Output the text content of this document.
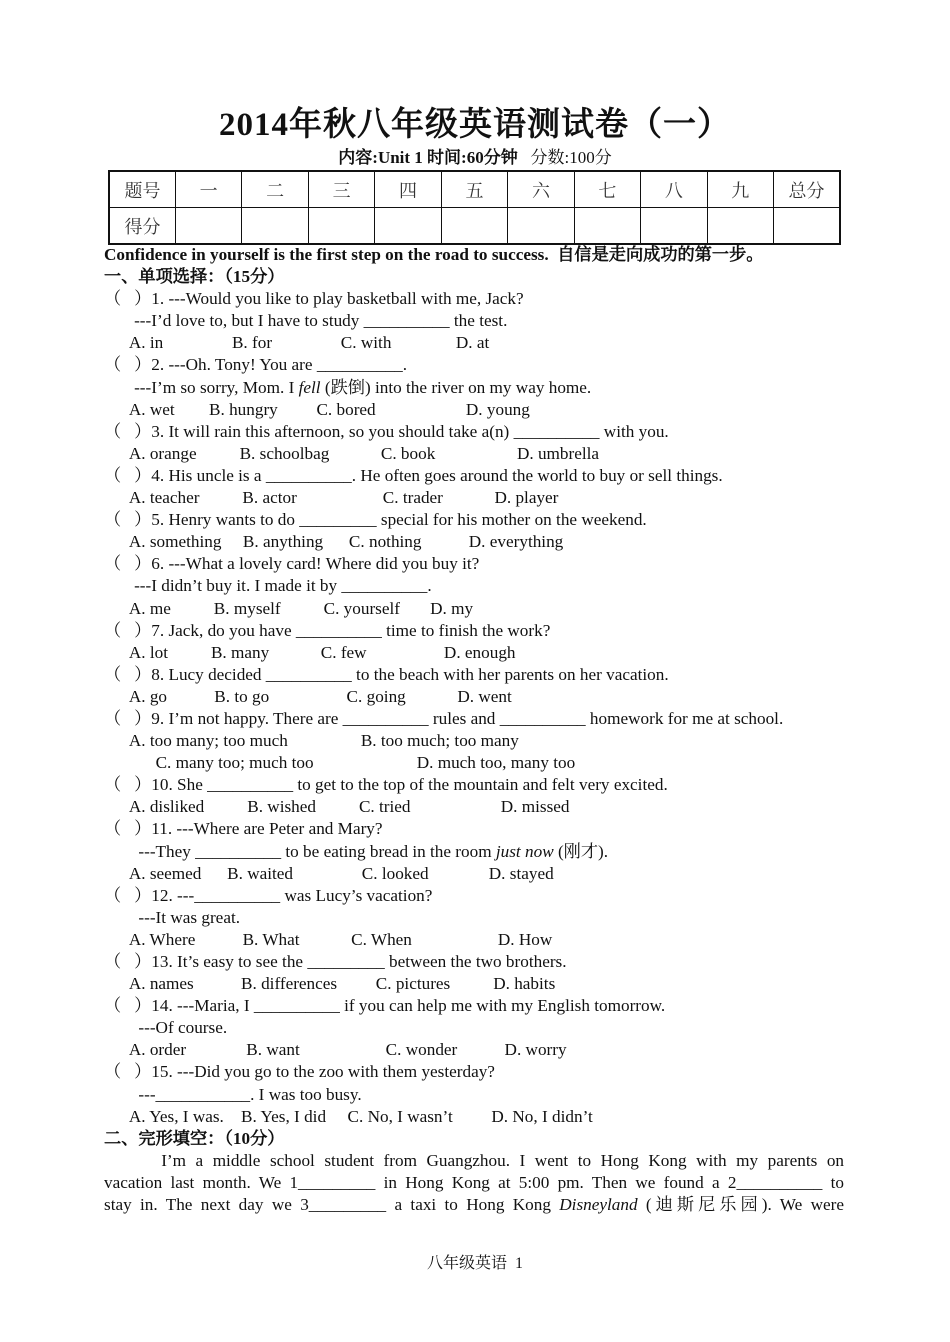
2014年秋八年级英语测试卷（一）
内容:Unit 1 时间:60分钟   分数:100分
题号	一	二	三	四	五	六	七	八	九	总分
得分										
Confidence in yourself is the first step on the road to success.  自信是走向成功的第一步。
一、单项选择：（15分）
（   ）1. ---Would you like to play basketball with me, Jack?
---I’d love to, but I have to study __________ the test.
A. in                B. for                C. with               D. at
（   ）2. ---Oh. Tony! You are __________.
---I’m so sorry, Mom. I fell (跌倒) into the river on my way home.
A. wet        B. hungry         C. bored                     D. young
（   ）3. It will rain this afternoon, so you should take a(n) __________ with you.
A. orange          B. schoolbag            C. book                   D. umbrella
（   ）4. His uncle is a __________. He often goes around the world to buy or sell things.
A. teacher          B. actor                    C. trader            D. player
（   ）5. Henry wants to do _________ special for his mother on the weekend.
A. something     B. anything      C. nothing           D. everything
（   ）6. ---What a lovely card! Where did you buy it?
---I didn’t buy it. I made it by __________.
A. me          B. myself          C. yourself       D. my
（   ）7. Jack, do you have __________ time to finish the work?
A. lot          B. many            C. few                  D. enough
（   ）8. Lucy decided __________ to the beach with her parents on her vacation.
A. go           B. to go                  C. going            D. went
（   ）9. I’m not happy. There are __________ rules and __________ homework for me at school.
A. too many; too much                 B. too much; too many
C. many too; much too                        D. much too, many too
（   ）10. She __________ to get to the top of the mountain and felt very excited.
A. disliked          B. wished          C. tried                     D. missed
（   ）11. ---Where are Peter and Mary?
---They __________ to be eating bread in the room just now (刚才).
A. seemed      B. waited                C. looked              D. stayed
（   ）12. ---__________ was Lucy’s vacation?
---It was great.
A. Where           B. What            C. When                    D. How
（   ）13. It’s easy to see the _________ between the two brothers.
A. names           B. differences         C. pictures          D. habits
（   ）14. ---Maria, I __________ if you can help me with my English tomorrow.
---Of course.
A. order              B. want                    C. wonder           D. worry
（   ）15. ---Did you go to the zoo with them yesterday?
---___________. I was too busy.
A. Yes, I was.    B. Yes, I did     C. No, I wasn’t         D. No, I didn’t
二、完形填空：（10分）
I’m a middle school student from Guangzhou. I went to Hong Kong with my parents on
vacation last month. We 1_________ in Hong Kong at 5:00 pm. Then we found a 2__________ to
stay in. The next day we 3_________ a taxi to Hong Kong Disneyland (迪斯尼乐园). We were
八年级英语  1
